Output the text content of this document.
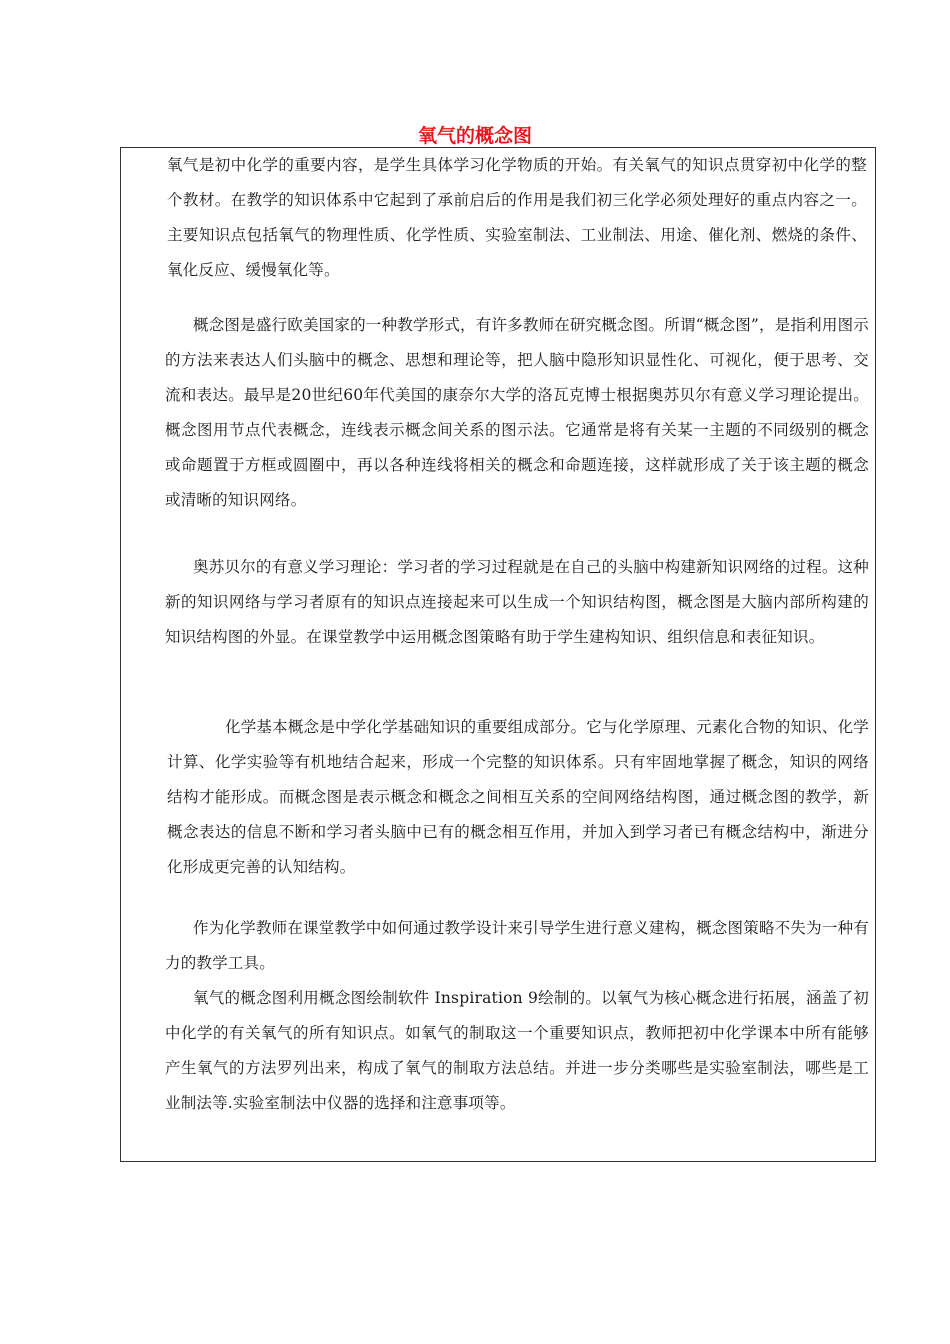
氧气的概念图

氧气是初中化学的重要内容，是学生具体学习化学物质的开始。有关氧气的知识点贯穿初中化学的整个教材。在教学的知识体系中它起到了承前启后的作用是我们初三化学必须处理好的重点内容之一。主要知识点包括氧气的物理性质、化学性质、实验室制法、工业制法、用途、催化剂、燃烧的条件、氧化反应、缓慢氧化等。

概念图是盛行欧美国家的一种教学形式，有许多教师在研究概念图。所谓“概念图”，是指利用图示的方法来表达人们头脑中的概念、思想和理论等，把人脑中隐形知识显性化、可视化，便于思考、交流和表达。最早是20世纪60年代美国的康奈尔大学的洛瓦克博士根据奥苏贝尔有意义学习理论提出。概念图用节点代表概念，连线表示概念间关系的图示法。它通常是将有关某一主题的不同级别的概念或命题置于方框或圆圈中，再以各种连线将相关的概念和命题连接，这样就形成了关于该主题的概念或清晰的知识网络。

奥苏贝尔的有意义学习理论：学习者的学习过程就是在自己的头脑中构建新知识网络的过程。这种新的知识网络与学习者原有的知识点连接起来可以生成一个知识结构图，概念图是大脑内部所构建的知识结构图的外显。在课堂教学中运用概念图策略有助于学生建构知识、组织信息和表征知识。

化学基本概念是中学化学基础知识的重要组成部分。它与化学原理、元素化合物的知识、化学计算、化学实验等有机地结合起来，形成一个完整的知识体系。只有牢固地掌握了概念，知识的网络结构才能形成。而概念图是表示概念和概念之间相互关系的空间网络结构图，通过概念图的教学，新概念表达的信息不断和学习者头脑中已有的概念相互作用，并加入到学习者已有概念结构中，渐进分化形成更完善的认知结构。

作为化学教师在课堂教学中如何通过教学设计来引导学生进行意义建构，概念图策略不失为一种有力的教学工具。

氧气的概念图利用概念图绘制软件 Inspiration 9绘制的。以氧气为核心概念进行拓展，涵盖了初中化学的有关氧气的所有知识点。如氧气的制取这一个重要知识点，教师把初中化学课本中所有能够产生氧气的方法罗列出来，构成了氧气的制取方法总结。并进一步分类哪些是实验室制法，哪些是工业制法等.实验室制法中仪器的选择和注意事项等。
